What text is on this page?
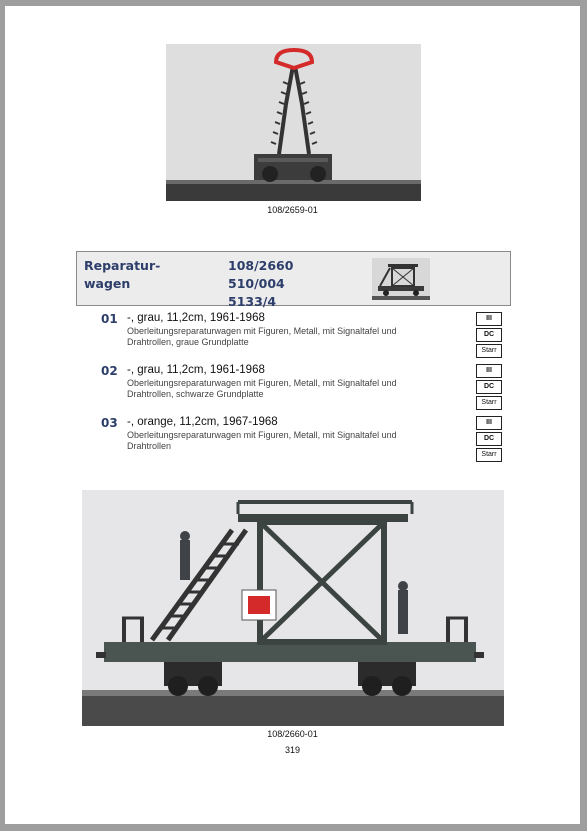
108/2659-01
Reparatur-
wagen
108/2660
510/004
5133/4
01 -, grau, 11,2cm, 1961-1968
Oberleitungsreparaturwagen mit Figuren, Metall, mit Signaltafel und Drahtrollen, graue Grundplatte
III
DC
Starr
02 -, grau, 11,2cm, 1961-1968
Oberleitungsreparaturwagen mit Figuren, Metall, mit Signaltafel und Drahtrollen, schwarze Grundplatte
III
DC
Starr
03 -, orange, 11,2cm, 1967-1968
Oberleitungsreparaturwagen mit Figuren, Metall, mit Signaltafel und Drahtrollen
III
DC
Starr
108/2660-01
319
